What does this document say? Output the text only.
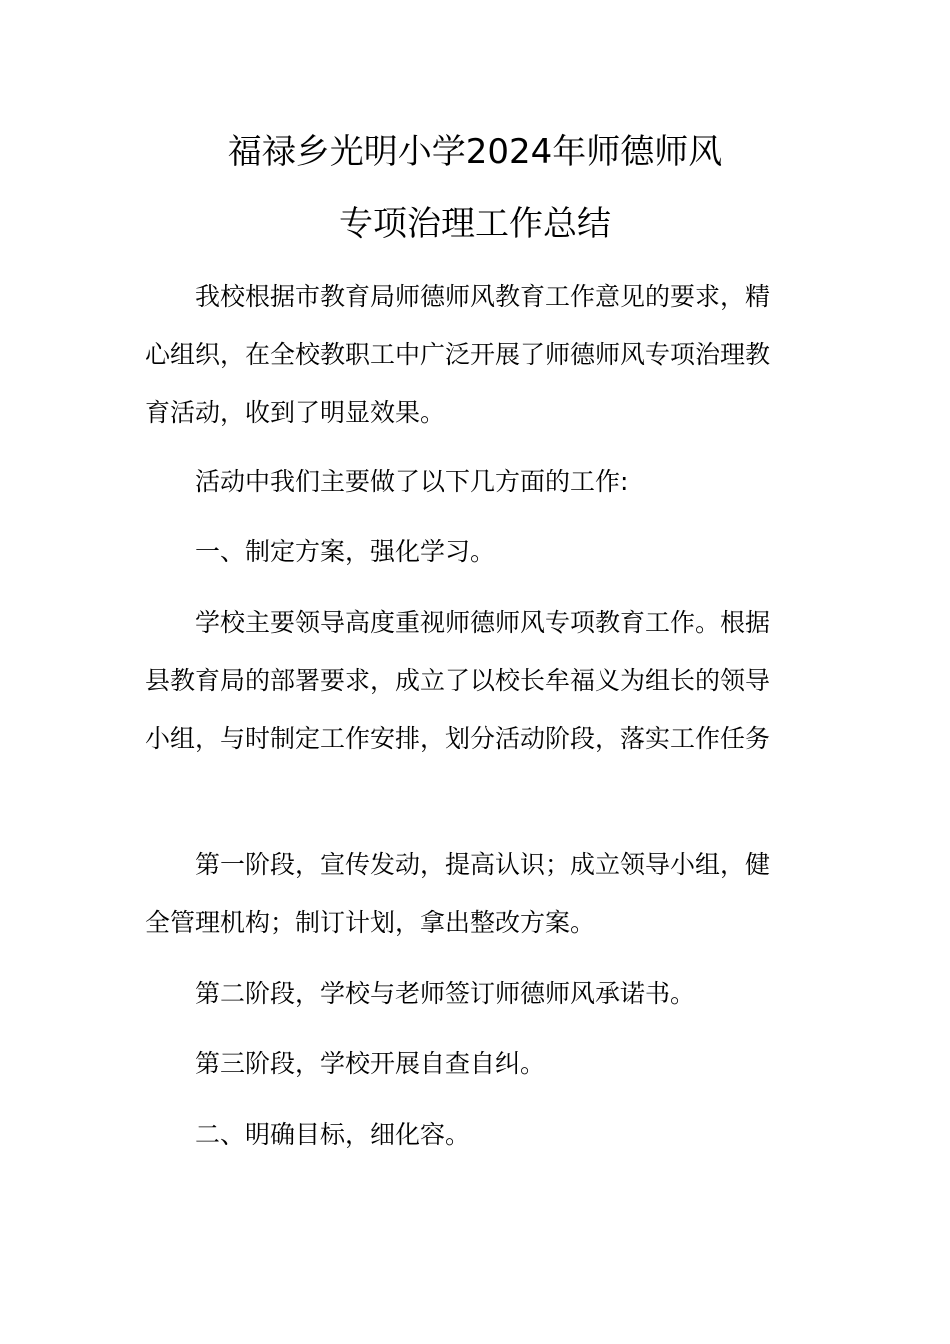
福禄乡光明小学2024年师德师风
专项治理工作总结
我校根据市教育局师德师风教育工作意见的要求，精
心组织，在全校教职工中广泛开展了师德师风专项治理教
育活动，收到了明显效果。
活动中我们主要做了以下几方面的工作:
一、制定方案，强化学习。
学校主要领导高度重视师德师风专项教育工作。根据
县教育局的部署要求，成立了以校长牟福义为组长的领导
小组，与时制定工作安排，划分活动阶段，落实工作任务
第一阶段，宣传发动，提高认识；成立领导小组，健
全管理机构；制订计划，拿出整改方案。
第二阶段，学校与老师签订师德师风承诺书。
第三阶段，学校开展自查自纠。
二、明确目标，细化容。
